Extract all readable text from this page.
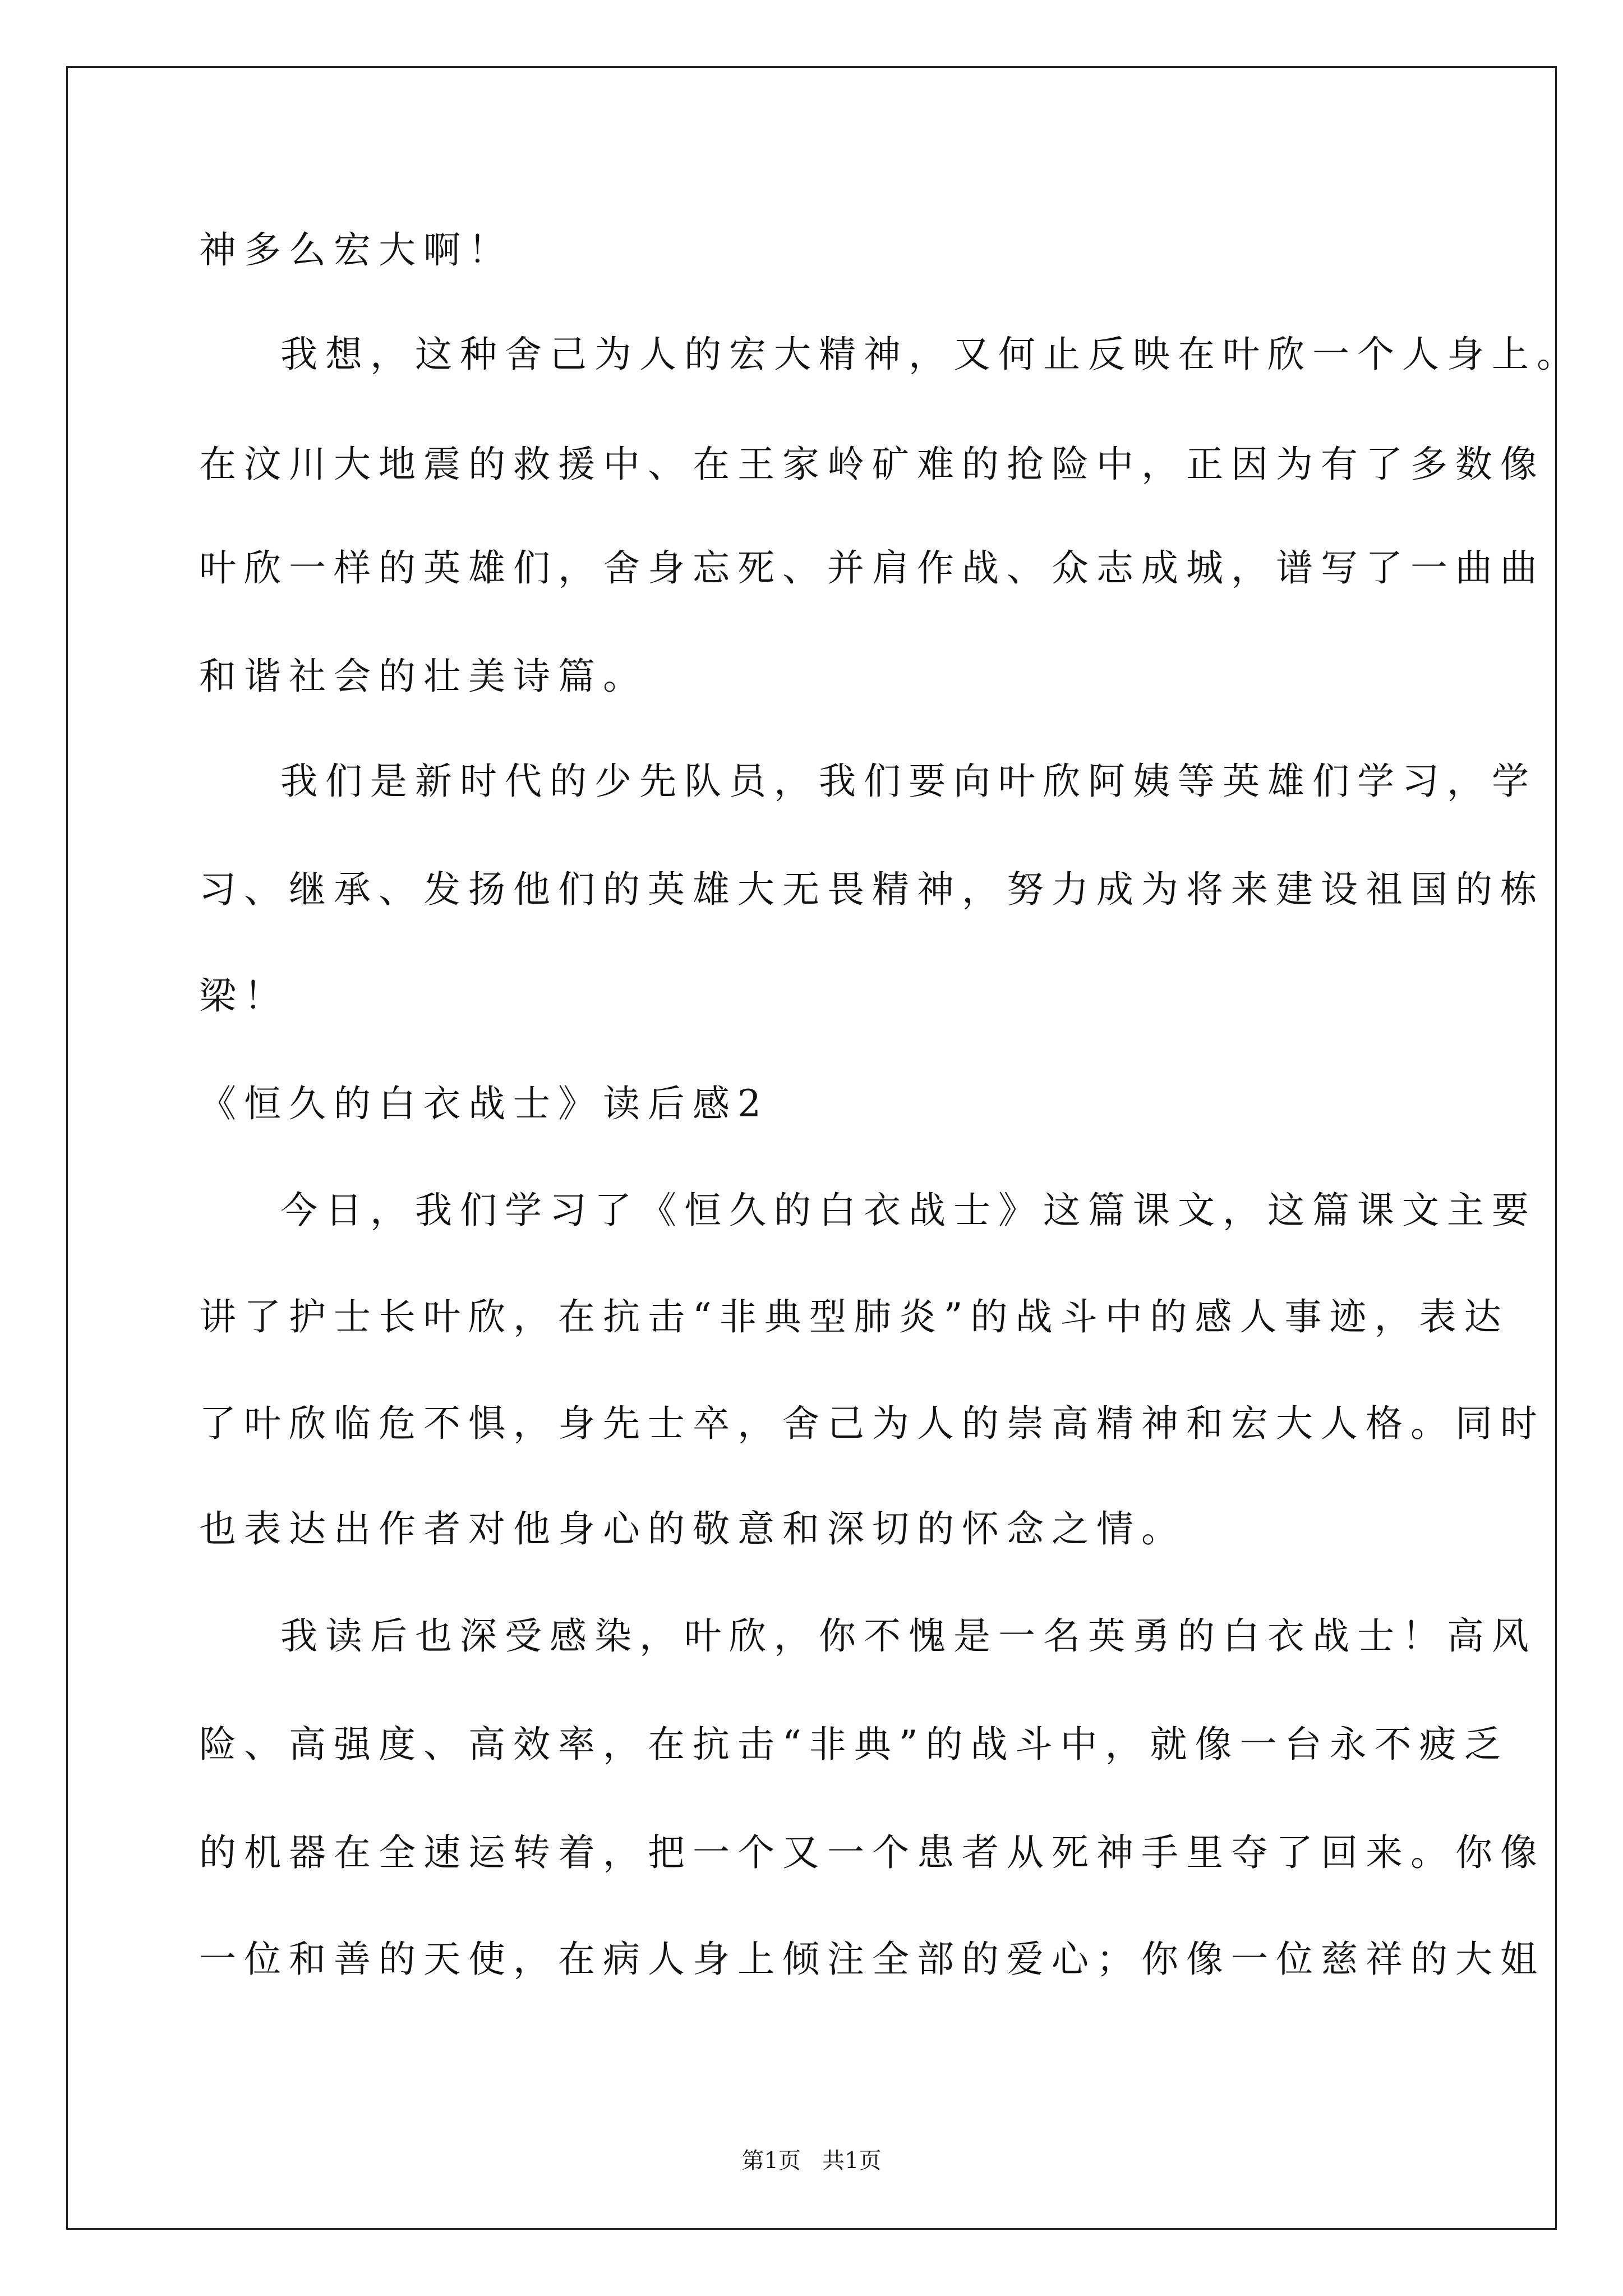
神多么宏大啊！
我想，这种舍己为人的宏大精神，又何止反映在叶欣一个人身上。
在汶川大地震的救援中、在王家岭矿难的抢险中，正因为有了多数像
叶欣一样的英雄们，舍身忘死、并肩作战、众志成城，谱写了一曲曲
和谐社会的壮美诗篇。
我们是新时代的少先队员，我们要向叶欣阿姨等英雄们学习，学
习、继承、发扬他们的英雄大无畏精神，努力成为将来建设祖国的栋
梁！
《恒久的白衣战士》读后感2
今日，我们学习了《恒久的白衣战士》这篇课文，这篇课文主要
讲了护士长叶欣，在抗击“非典型肺炎”的战斗中的感人事迹，表达
了叶欣临危不惧，身先士卒，舍己为人的崇高精神和宏大人格。同时
也表达出作者对他身心的敬意和深切的怀念之情。
我读后也深受感染，叶欣，你不愧是一名英勇的白衣战士！高风
险、高强度、高效率，在抗击“非典”的战斗中，就像一台永不疲乏
的机器在全速运转着，把一个又一个患者从死神手里夺了回来。你像
一位和善的天使，在病人身上倾注全部的爱心；你像一位慈祥的大姐
第1页   共1页
